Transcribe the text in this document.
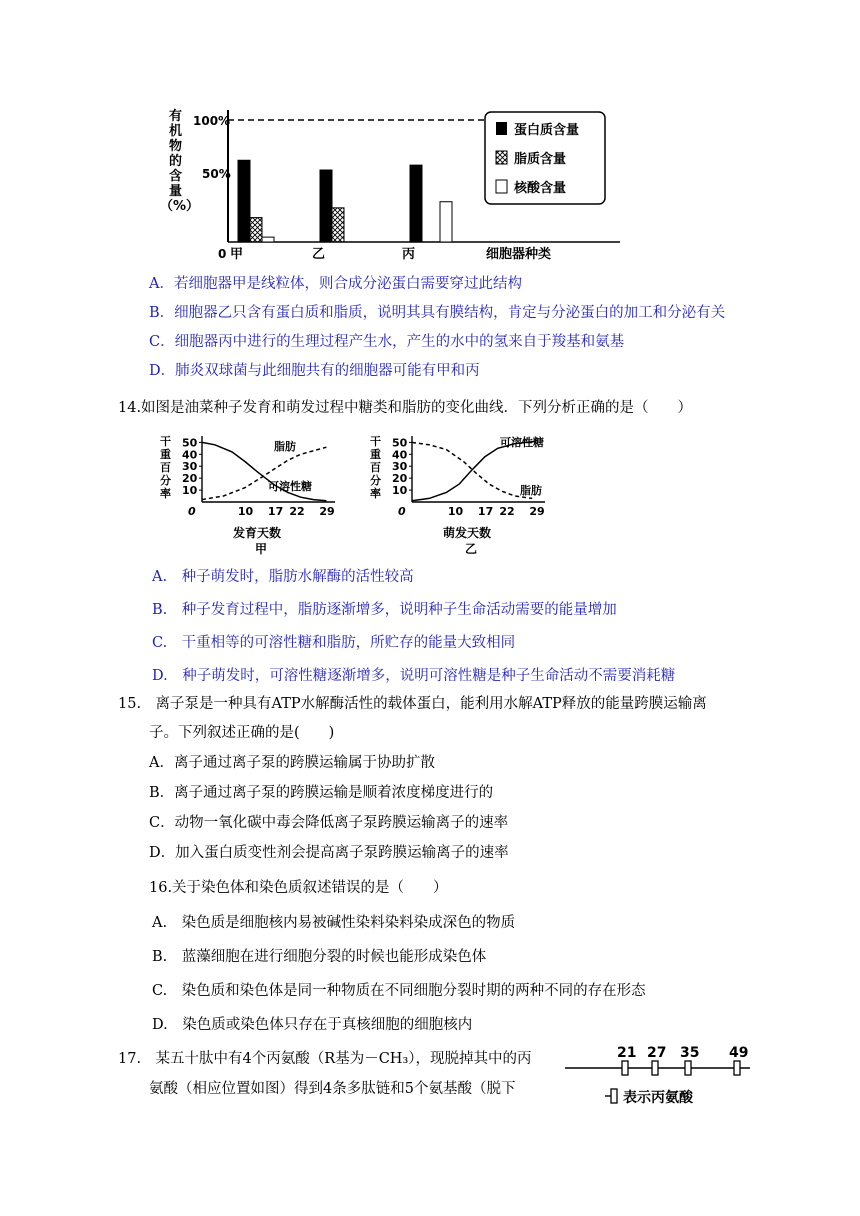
有
机
物
的
含
量
（%）
100%
50%
0 甲	乙	丙	细胞器种类
蛋白质含量
脂质含量
核酸含量
A．若细胞器甲是线粒体，则合成分泌蛋白需要穿过此结构
B．细胞器乙只含有蛋白质和脂质，说明其具有膜结构，肯定与分泌蛋白的加工和分泌有关
C．细胞器丙中进行的生理过程产生水，产生的水中的氢来自于羧基和氨基
D．肺炎双球菌与此细胞共有的细胞器可能有甲和丙
14.如图是油菜种子发育和萌发过程中糖类和脂肪的变化曲线．下列分析正确的是（　　）
干
重
百
分
率 10
20
30
40
50
0	10 17 22 29
脂肪
可溶性糖
发育天数
甲
干
重
百
分
率 10
20
30
40
50
0	10 17 22 29
可溶性糖
脂肪
萌发天数
乙
A.　种子萌发时，脂肪水解酶的活性较高
B.　种子发育过程中，脂肪逐渐增多，说明种子生命活动需要的能量增加
C.　干重相等的可溶性糖和脂肪，所贮存的能量大致相同
D.　种子萌发时，可溶性糖逐渐增多，说明可溶性糖是种子生命活动不需要消耗糖
15.　离子泵是一种具有ATP水解酶活性的载体蛋白，能利用水解ATP释放的能量跨膜运输离
子。下列叙述正确的是(　　)
A．离子通过离子泵的跨膜运输属于协助扩散
B．离子通过离子泵的跨膜运输是顺着浓度梯度进行的
C．动物一氧化碳中毒会降低离子泵跨膜运输离子的速率
D．加入蛋白质变性剂会提高离子泵跨膜运输离子的速率
16.关于染色体和染色质叙述错误的是（　　）
A.　染色质是细胞核内易被碱性染料染料染成深色的物质
B.　蓝藻细胞在进行细胞分裂的时候也能形成染色体
C.　染色质和染色体是同一种物质在不同细胞分裂时期的两种不同的存在形态
D.　染色质或染色体只存在于真核细胞的细胞核内
17.　某五十肽中有4个丙氨酸（R基为－CH₃），现脱掉其中的丙
氨酸（相应位置如图）得到4条多肽链和5个氨基酸（脱下
21 27 35 49
表示丙氨酸
